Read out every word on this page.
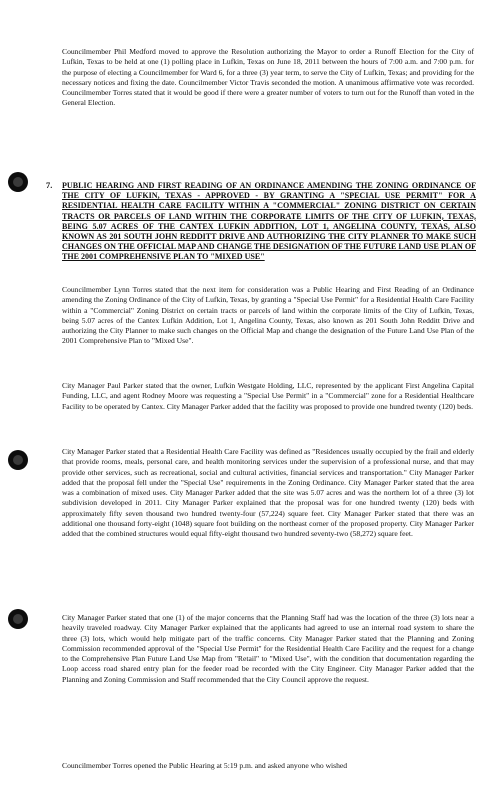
Councilmember Phil Medford moved to approve the Resolution authorizing the Mayor to order a Runoff Election for the City of Lufkin, Texas to be held at one (1) polling place in Lufkin, Texas on June 18, 2011 between the hours of 7:00 a.m. and 7:00 p.m. for the purpose of electing a Councilmember for Ward 6, for a three (3) year term, to serve the City of Lufkin, Texas; and providing for the necessary notices and fixing the date. Councilmember Victor Travis seconded the motion. A unanimous affirmative vote was recorded. Councilmember Torres stated that it would be good if there were a greater number of voters to turn out for the Runoff than voted in the General Election.

7. PUBLIC HEARING AND FIRST READING OF AN ORDINANCE AMENDING THE ZONING ORDINANCE OF THE CITY OF LUFKIN, TEXAS - APPROVED - BY GRANTING A "SPECIAL USE PERMIT" FOR A RESIDENTIAL HEALTH CARE FACILITY WITHIN A "COMMERCIAL" ZONING DISTRICT ON CERTAIN TRACTS OR PARCELS OF LAND WITHIN THE CORPORATE LIMITS OF THE CITY OF LUFKIN, TEXAS, BEING 5.07 ACRES OF THE CANTEX LUFKIN ADDITION, LOT 1, ANGELINA COUNTY, TEXAS, ALSO KNOWN AS 201 SOUTH JOHN REDDITT DRIVE AND AUTHORIZING THE CITY PLANNER TO MAKE SUCH CHANGES ON THE OFFICIAL MAP AND CHANGE THE DESIGNATION OF THE FUTURE LAND USE PLAN OF THE 2001 COMPREHENSIVE PLAN TO "MIXED USE"

Councilmember Lynn Torres stated that the next item for consideration was a Public Hearing and First Reading of an Ordinance amending the Zoning Ordinance of the City of Lufkin, Texas, by granting a "Special Use Permit" for a Residential Health Care Facility within a "Commercial" Zoning District on certain tracts or parcels of land within the corporate limits of the City of Lufkin, Texas, being 5.07 acres of the Cantex Lufkin Addition, Lot 1, Angelina County, Texas, also known as 201 South John Redditt Drive and authorizing the City Planner to make such changes on the Official Map and change the designation of the Future Land Use Plan of the 2001 Comprehensive Plan to "Mixed Use".

City Manager Paul Parker stated that the owner, Lufkin Westgate Holding, LLC, represented by the applicant First Angelina Capital Funding, LLC, and agent Rodney Moore was requesting a "Special Use Permit" in a "Commercial" zone for a Residential Healthcare Facility to be operated by Cantex. City Manager Parker added that the facility was proposed to provide one hundred twenty (120) beds.

City Manager Parker stated that a Residential Health Care Facility was defined as "Residences usually occupied by the frail and elderly that provide rooms, meals, personal care, and health monitoring services under the supervision of a professional nurse, and that may provide other services, such as recreational, social and cultural activities, financial services and transportation." City Manager Parker added that the proposal fell under the "Special Use" requirements in the Zoning Ordinance. City Manager Parker stated that the area was a combination of mixed uses. City Manager Parker added that the site was 5.07 acres and was the northern lot of a three (3) lot subdivision developed in 2011. City Manager Parker explained that the proposal was for one hundred twenty (120) beds with approximately fifty seven thousand two hundred twenty-four (57,224) square feet. City Manager Parker stated that there was an additional one thousand forty-eight (1048) square foot building on the northeast corner of the proposed property. City Manager Parker added that the combined structures would equal fifty-eight thousand two hundred seventy-two (58,272) square feet.

City Manager Parker stated that one (1) of the major concerns that the Planning Staff had was the location of the three (3) lots near a heavily traveled roadway. City Manager Parker explained that the applicants had agreed to use an internal road system to share the three (3) lots, which would help mitigate part of the traffic concerns. City Manager Parker stated that the Planning and Zoning Commission recommended approval of the "Special Use Permit" for the Residential Health Care Facility and the request for a change to the Comprehensive Plan Future Land Use Map from "Retail" to "Mixed Use", with the condition that documentation regarding the Loop access road shared entry plan for the feeder road be recorded with the City Engineer. City Manager Parker added that the Planning and Zoning Commission and Staff recommended that the City Council approve the request.

Councilmember Torres opened the Public Hearing at 5:19 p.m. and asked anyone who wished
